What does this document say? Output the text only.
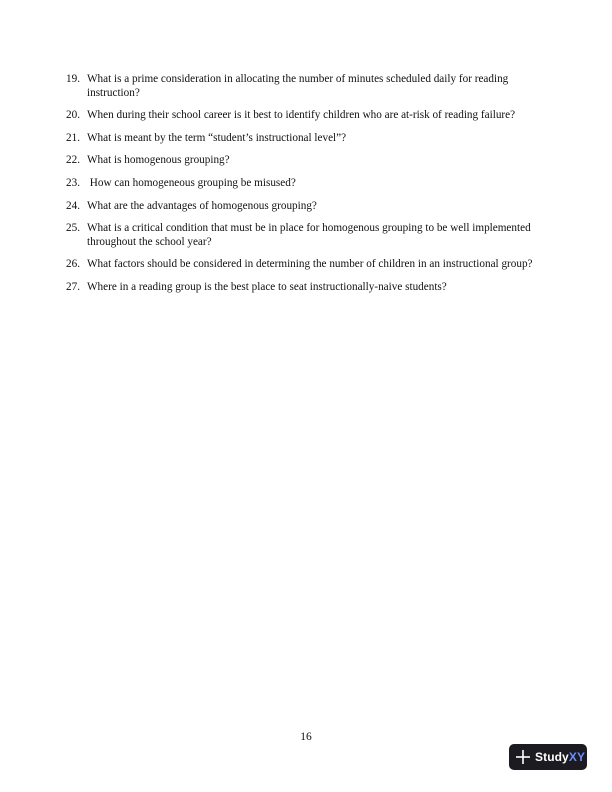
19. What is a prime consideration in allocating the number of minutes scheduled daily for reading instruction?
20. When during their school career is it best to identify children who are at-risk of reading failure?
21. What is meant by the term “student’s instructional level”?
22. What is homogenous grouping?
23. How can homogeneous grouping be misused?
24. What are the advantages of homogenous grouping?
25. What is a critical condition that must be in place for homogenous grouping to be well implemented throughout the school year?
26. What factors should be considered in determining the number of children in an instructional group?
27. Where in a reading group is the best place to seat instructionally-naive students?
16
StudyXY
